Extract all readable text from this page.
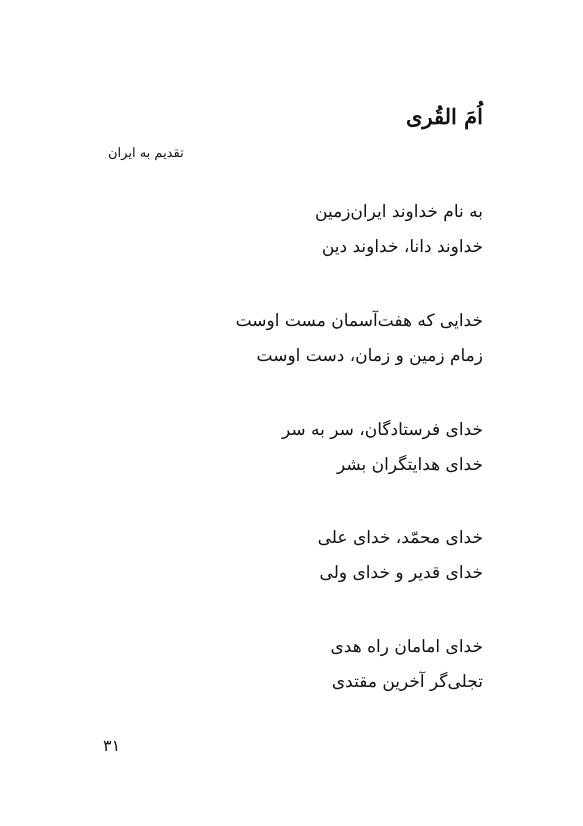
اُمَ القُری

تقدیم به ایران

به نام خداوند ایران‌زمین

خداوند دانا، خداوند دین

خدایی که هفت‌آسمان مست اوست

زمام زمین و زمان، دست اوست

خدای فرستادگان، سر به سر

خدای هدایتگران بشر

خدای محمّد، خدای علی

خدای قدیر و خدای ولی

خدای امامان راه هدی

تجلی‌گر آخرین مقتدی

۳۱
